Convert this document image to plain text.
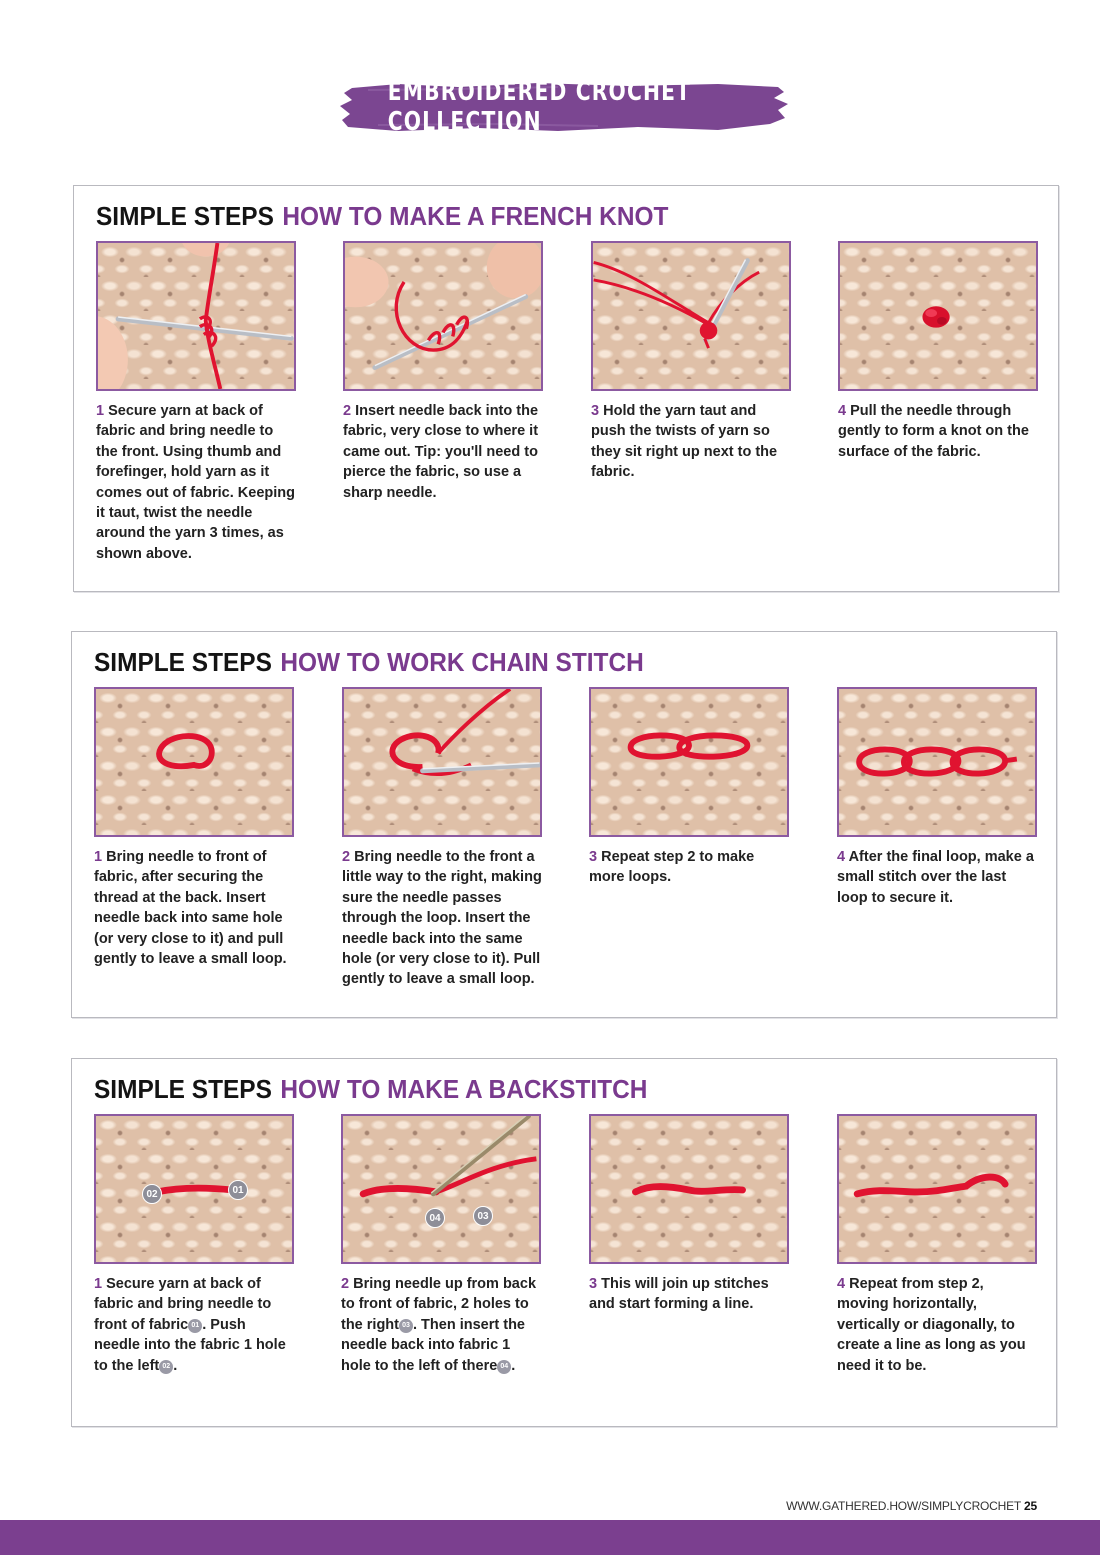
EMBROIDERED CROCHET COLLECTION
SIMPLE STEPS HOW TO MAKE A FRENCH KNOT
1 Secure yarn at back of fabric and bring needle to the front. Using thumb and forefinger, hold yarn as it comes out of fabric. Keeping it taut, twist the needle around the yarn 3 times, as shown above.
2 Insert needle back into the fabric, very close to where it came out. Tip: you'll need to pierce the fabric, so use a sharp needle.
3 Hold the yarn taut and push the twists of yarn so they sit right up next to the fabric.
4 Pull the needle through gently to form a knot on the surface of the fabric.
SIMPLE STEPS HOW TO WORK CHAIN STITCH
1 Bring needle to front of fabric, after securing the thread at the back. Insert needle back into same hole (or very close to it) and pull gently to leave a small loop.
2 Bring needle to the front a little way to the right, making sure the needle passes through the loop. Insert the needle back into the same hole (or very close to it). Pull gently to leave a small loop.
3 Repeat step 2 to make more loops.
4 After the final loop, make a small stitch over the last loop to secure it.
SIMPLE STEPS HOW TO MAKE A BACKSTITCH
02	01
1 Secure yarn at back of fabric and bring needle to front of fabric 01 . Push needle into the fabric 1 hole to the left 02 .
04	03
2 Bring needle up from back to front of fabric, 2 holes to the right 03 . Then insert the needle back into fabric 1 hole to the left of there 04 .
3 This will join up stitches and start forming a line.
4 Repeat from step 2, moving horizontally, vertically or diagonally, to create a line as long as you need it to be.
WWW.GATHERED.HOW/SIMPLYCROCHET 25
